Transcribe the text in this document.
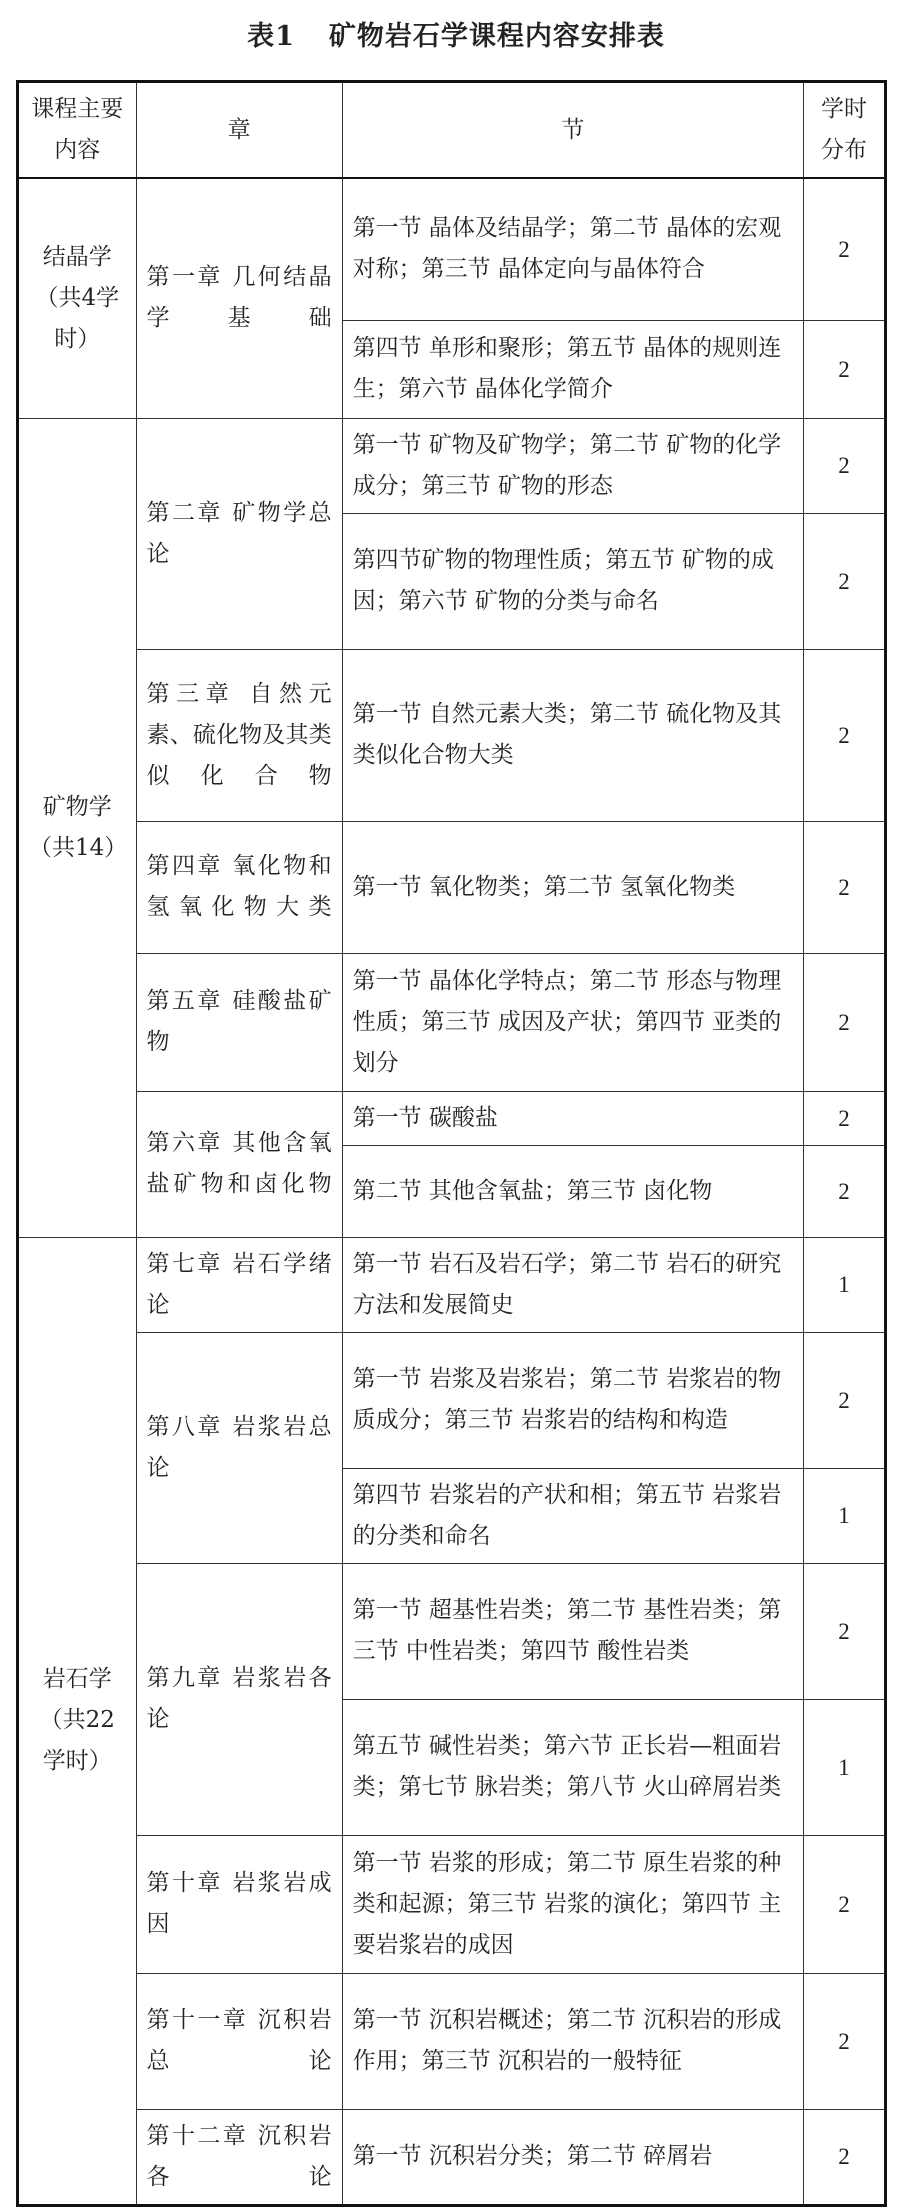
表1 矿物岩石学课程内容安排表
课程主要内容	章	节	学时分布
结晶学（共4学时）	第一章 几何结晶学基础	第一节 晶体及结晶学；第二节 晶体的宏观对称；第三节 晶体定向与晶体符合	2
		第四节 单形和聚形；第五节 晶体的规则连生；第六节 晶体化学简介	2
矿物学（共14）	第二章 矿物学总论	第一节 矿物及矿物学；第二节 矿物的化学成分；第三节 矿物的形态	2
		第四节矿物的物理性质；第五节 矿物的成因；第六节 矿物的分类与命名	2
	第三章 自然元素、硫化物及其类似化合物	第一节 自然元素大类；第二节 硫化物及其类似化合物大类	2
	第四章 氧化物和氢氧化物大类	第一节 氧化物类；第二节 氢氧化物类	2
	第五章 硅酸盐矿物	第一节 晶体化学特点；第二节 形态与物理性质；第三节 成因及产状；第四节 亚类的划分	2
	第六章 其他含氧盐矿物和卤化物	第一节 碳酸盐	2
		第二节 其他含氧盐；第三节 卤化物	2
岩石学（共22学时）	第七章 岩石学绪论	第一节 岩石及岩石学；第二节 岩石的研究方法和发展简史	1
	第八章 岩浆岩总论	第一节 岩浆及岩浆岩；第二节 岩浆岩的物质成分；第三节 岩浆岩的结构和构造	2
		第四节 岩浆岩的产状和相；第五节 岩浆岩的分类和命名	1
	第九章 岩浆岩各论	第一节 超基性岩类；第二节 基性岩类；第三节 中性岩类；第四节 酸性岩类	2
		第五节 碱性岩类；第六节 正长岩—粗面岩类；第七节 脉岩类；第八节 火山碎屑岩类	1
	第十章 岩浆岩成因	第一节 岩浆的形成；第二节 原生岩浆的种类和起源；第三节 岩浆的演化；第四节 主要岩浆岩的成因	2
	第十一章 沉积岩总论	第一节 沉积岩概述；第二节 沉积岩的形成作用；第三节 沉积岩的一般特征	2
	第十二章 沉积岩各论	第一节 沉积岩分类；第二节 碎屑岩	2
